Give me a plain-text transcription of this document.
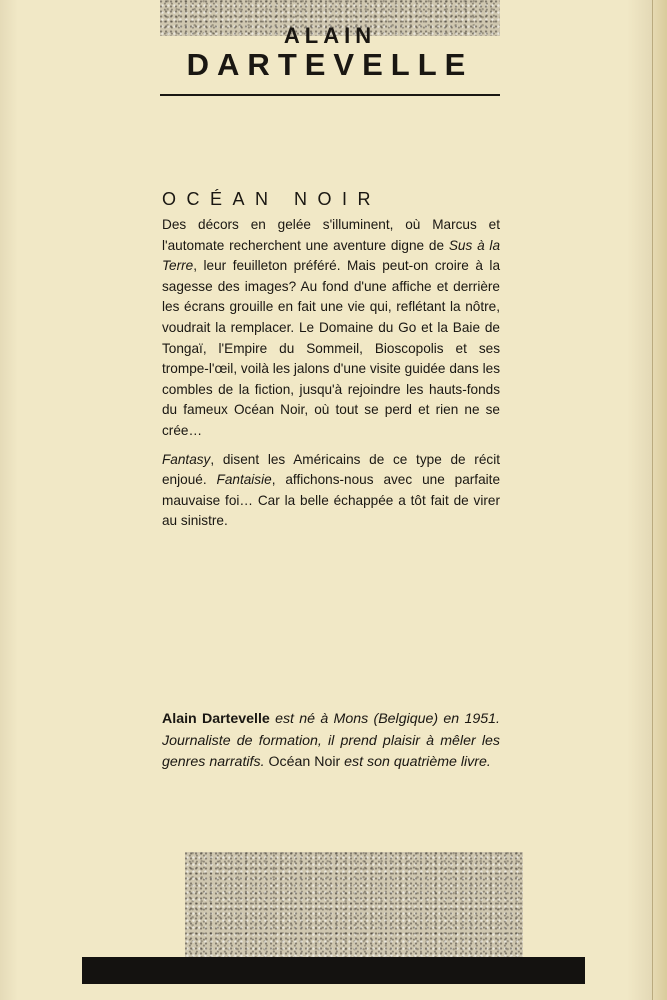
ALAIN
DARTEVELLE
OCÉAN NOIR

Des décors en gelée s'illuminent, où Marcus et l'automate recherchent une aventure digne de Sus à la Terre, leur feuilleton préféré. Mais peut-on croire à la sagesse des images? Au fond d'une affiche et derrière les écrans grouille en fait une vie qui, reflétant la nôtre, voudrait la remplacer. Le Domaine du Go et la Baie de Tongaï, l'Empire du Sommeil, Bioscopolis et ses trompe-l'œil, voilà les jalons d'une visite guidée dans les combles de la fiction, jusqu'à rejoindre les hauts-fonds du fameux Océan Noir, où tout se perd et rien ne se crée…

Fantasy, disent les Américains de ce type de récit enjoué. Fantaisie, affichons-nous avec une parfaite mauvaise foi… Car la belle échappée a tôt fait de virer au sinistre.

Alain Dartevelle est né à Mons (Belgique) en 1951. Journaliste de formation, il prend plaisir à mêler les genres narratifs. Océan Noir est son quatrième livre.
